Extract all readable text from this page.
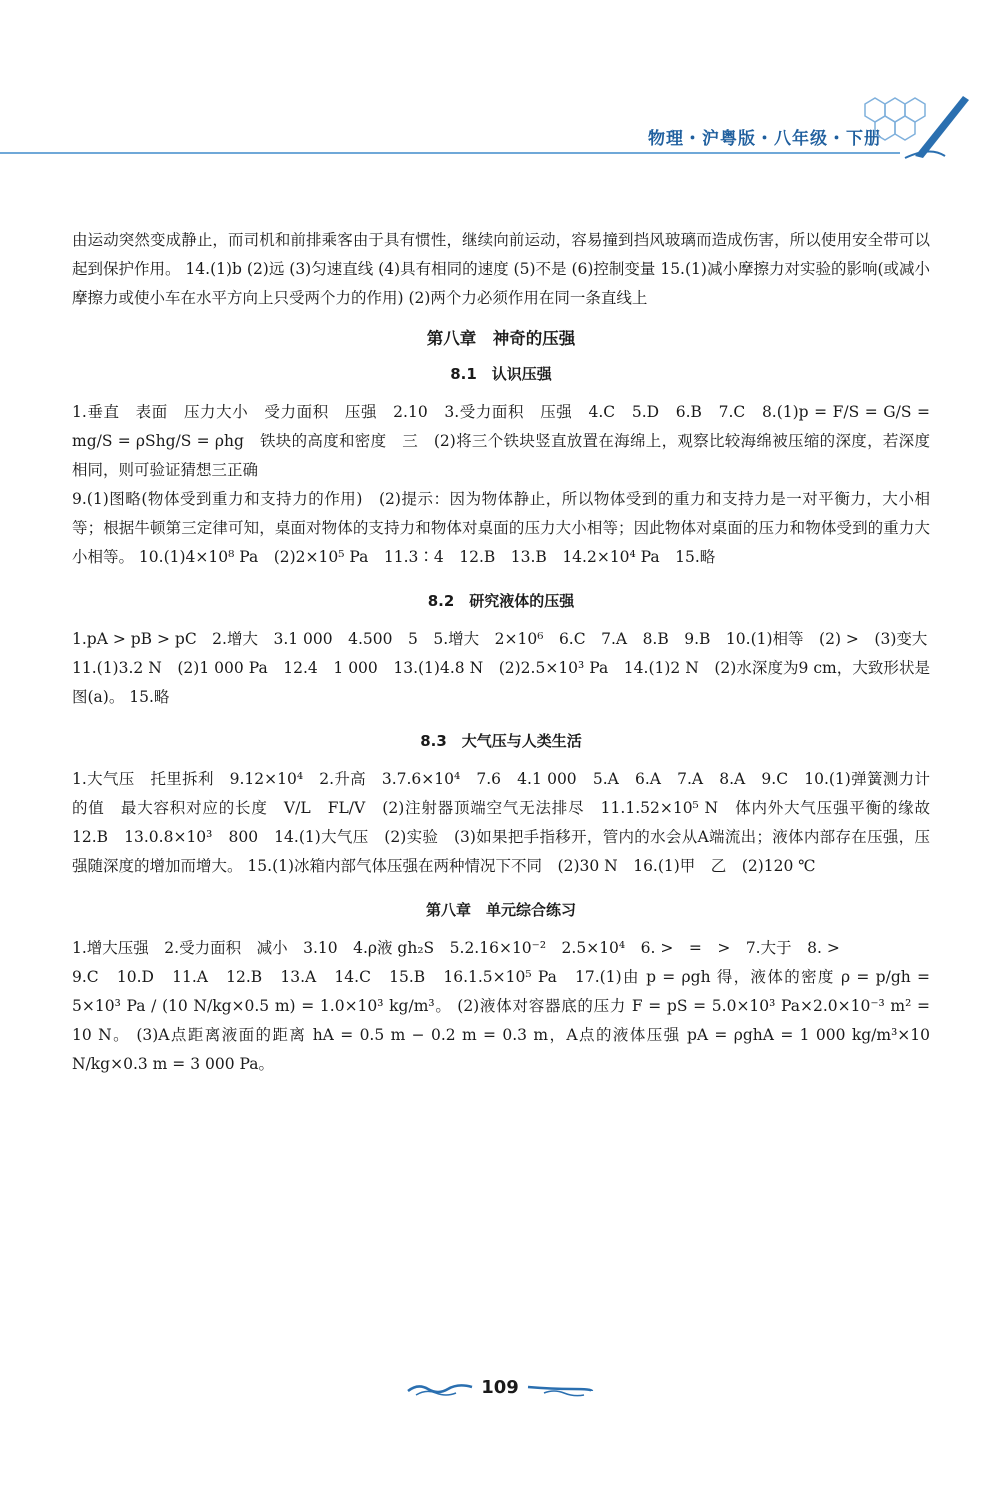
物理・沪粤版・八年级・下册

由运动突然变成静止，而司机和前排乘客由于具有惯性，继续向前运动，容易撞到挡风玻璃而造成伤害，所以使用安全带可以起到保护作用。 14.(1)b (2)远 (3)匀速直线 (4)具有相同的速度 (5)不是 (6)控制变量 15.(1)减小摩擦力对实验的影响(或减小摩擦力或使小车在水平方向上只受两个力的作用) (2)两个力必须作用在同一条直线上

第八章　神奇的压强
8.1　认识压强

1.垂直　表面　压力大小　受力面积　压强　2.10　3.受力面积　压强　4.C　5.D　6.B　7.C　8.(1)p = F/S = G/S = mg/S = ρShg/S = ρhg　铁块的高度和密度　三　(2)将三个铁块竖直放置在海绵上，观察比较海绵被压缩的深度，若深度相同，则可验证猜想三正确

9.(1)图略(物体受到重力和支持力的作用)　(2)提示：因为物体静止，所以物体受到的重力和支持力是一对平衡力，大小相等；根据牛顿第三定律可知，桌面对物体的支持力和物体对桌面的压力大小相等；因此物体对桌面的压力和物体受到的重力大小相等。 10.(1)4×10⁸ Pa　(2)2×10⁵ Pa　11.3∶4　12.B　13.B　14.2×10⁴ Pa　15.略

8.2　研究液体的压强

1.pA > pB > pC　2.增大　3.1 000　4.500　5　5.增大　2×10⁶　6.C　7.A　8.B　9.B　10.(1)相等　(2) >　(3)变大

11.(1)3.2 N　(2)1 000 Pa　12.4　1 000　13.(1)4.8 N　(2)2.5×10³ Pa　14.(1)2 N　(2)水深度为9 cm，大致形状是图(a)。 15.略

8.3　大气压与人类生活

1.大气压　托里拆利　9.12×10⁴　2.升高　3.7.6×10⁴　7.6　4.1 000　5.A　6.A　7.A　8.A　9.C　10.(1)弹簧测力计的值　最大容积对应的长度　V/L　FL/V　(2)注射器顶端空气无法排尽　11.1.52×10⁵ N　体内外大气压强平衡的缘故　12.B　13.0.8×10³　800　14.(1)大气压　(2)实验　(3)如果把手指移开，管内的水会从A端流出；液体内部存在压强，压强随深度的增加而增大。 15.(1)冰箱内部气体压强在两种情况下不同　(2)30 N　16.(1)甲　乙　(2)120 ℃

第八章　单元综合练习

1.增大压强　2.受力面积　减小　3.10　4.ρ液 gh₂S　5.2.16×10⁻²　2.5×10⁴　6. >　=　>　7.大于　8. >

9.C　10.D　11.A　12.B　13.A　14.C　15.B　16.1.5×10⁵ Pa　17.(1)由 p = ρgh 得，液体的密度 ρ = p/gh = 5×10³ Pa / (10 N/kg×0.5 m) = 1.0×10³ kg/m³。 (2)液体对容器底的压力 F = pS = 5.0×10³ Pa×2.0×10⁻³ m² = 10 N。 (3)A点距离液面的距离 hA = 0.5 m − 0.2 m = 0.3 m，A点的液体压强 pA = ρghA = 1 000 kg/m³×10 N/kg×0.3 m = 3 000 Pa。

109
